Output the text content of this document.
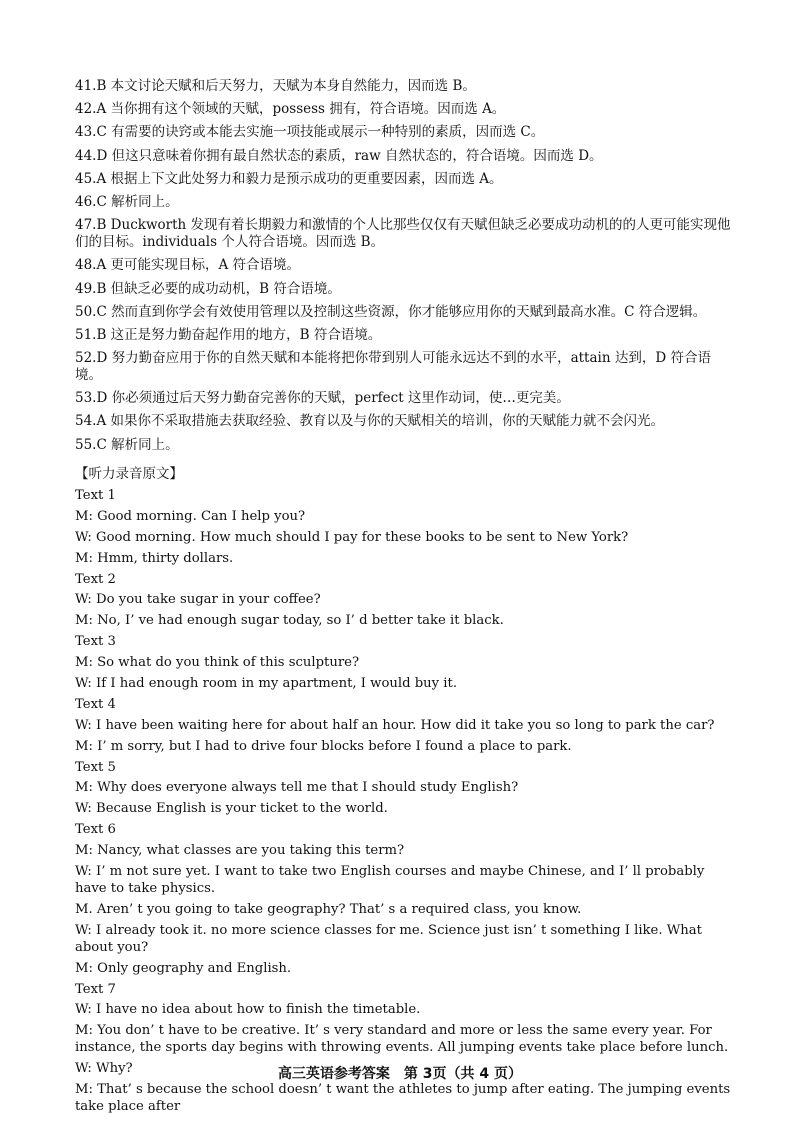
41.B 本文讨论天赋和后天努力，天赋为本身自然能力，因而选 B。
42.A 当你拥有这个领域的天赋，possess 拥有，符合语境。因而选 A。
43.C 有需要的诀窍或本能去实施一项技能或展示一种特别的素质，因而选 C。
44.D 但这只意味着你拥有最自然状态的素质，raw 自然状态的，符合语境。因而选 D。
45.A 根据上下文此处努力和毅力是预示成功的更重要因素，因而选 A。
46.C 解析同上。
47.B Duckworth 发现有着长期毅力和激情的个人比那些仅仅有天赋但缺乏必要成功动机的的人更可能实现他们的目标。individuals 个人符合语境。因而选 B。
48.A 更可能实现目标，A 符合语境。
49.B 但缺乏必要的成功动机，B 符合语境。
50.C 然而直到你学会有效使用管理以及控制这些资源，你才能够应用你的天赋到最高水准。C 符合逻辑。
51.B 这正是努力勤奋起作用的地方，B 符合语境。
52.D 努力勤奋应用于你的自然天赋和本能将把你带到别人可能永远达不到的水平，attain 达到，D 符合语境。
53.D 你必须通过后天努力勤奋完善你的天赋，perfect 这里作动词，使…更完美。
54.A 如果你不采取措施去获取经验、教育以及与你的天赋相关的培训，你的天赋能力就不会闪光。
55.C 解析同上。
【听力录音原文】
Text 1
M: Good morning. Can I help you?
W: Good morning. How much should I pay for these books to be sent to New York?
M: Hmm, thirty dollars.
Text 2
W: Do you take sugar in your coffee?
M: No, I’ ve had enough sugar today, so I’ d better take it black.
Text 3
M: So what do you think of this sculpture?
W: If I had enough room in my apartment, I would buy it.
Text 4
W: I have been waiting here for about half an hour. How did it take you so long to park the car?
M: I’ m sorry, but I had to drive four blocks before I found a place to park.
Text 5
M: Why does everyone always tell me that I should study English?
W: Because English is your ticket to the world.
Text 6
M: Nancy, what classes are you taking this term?
W: I’ m not sure yet. I want to take two English courses and maybe Chinese, and I’ ll probably have to take physics.
M. Aren’ t you going to take geography? That’ s a required class, you know.
W: I already took it. no more science classes for me. Science just isn’ t something I like. What about you?
M: Only geography and English.
Text 7
W: I have no idea about how to finish the timetable.
M: You don’ t have to be creative. It’ s very standard and more or less the same every year. For instance, the sports day begins with throwing events. All jumping events take place before lunch.
W: Why?
M: That’ s because the school doesn’ t want the athletes to jump after eating. The jumping events take place after
高三英语参考答案　第 3页（共 4 页）
